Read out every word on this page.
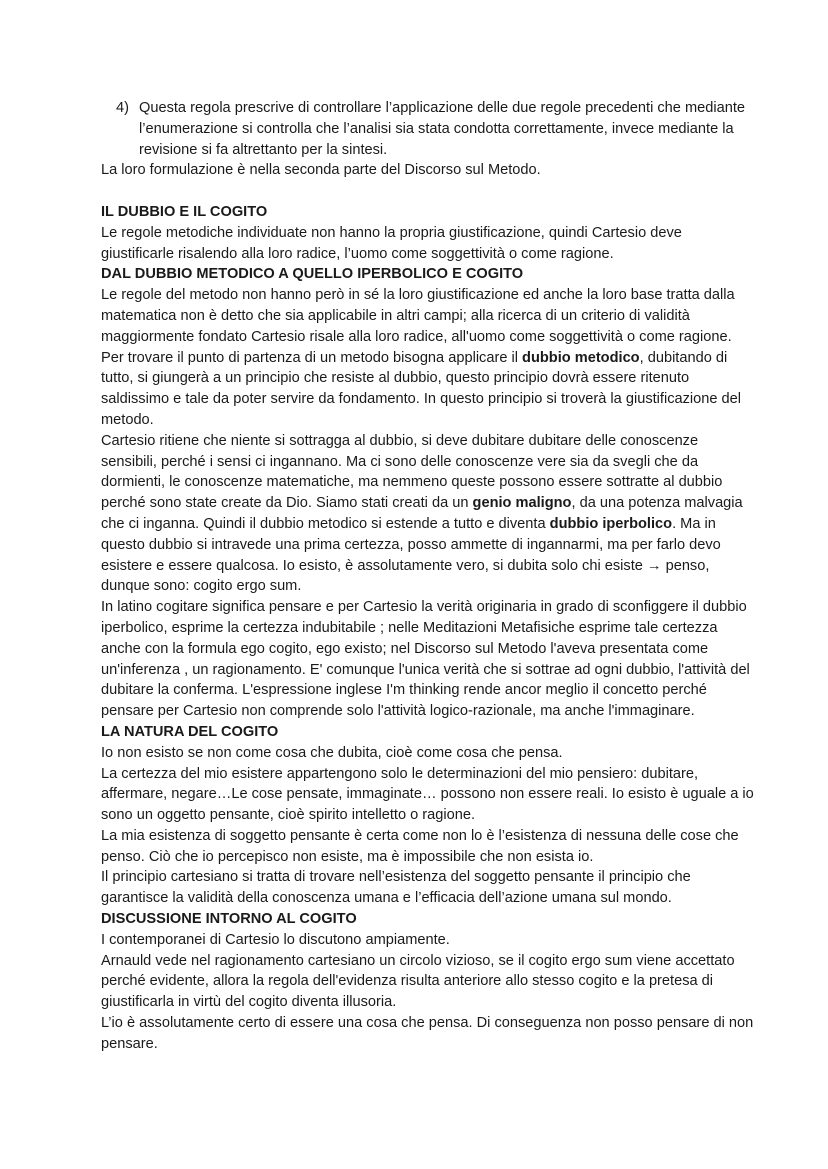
4) Questa regola prescrive di controllare l’applicazione delle due regole precedenti che mediante l’enumerazione si controlla che l’analisi sia stata condotta correttamente, invece mediante la revisione si fa altrettanto per la sintesi.

La loro formulazione è nella seconda parte del Discorso sul Metodo.

IL DUBBIO E IL COGITO

Le regole metodiche individuate non hanno la propria giustificazione, quindi Cartesio deve giustificarle risalendo alla loro radice, l’uomo come soggettività o come ragione.

DAL DUBBIO METODICO A QUELLO IPERBOLICO E COGITO

Le regole del metodo non hanno però in sé la loro giustificazione ed anche la loro base tratta dalla matematica non è detto che sia applicabile in altri campi; alla ricerca di un criterio di validità maggiormente fondato Cartesio risale alla loro radice, all'uomo come soggettività o come ragione. Per trovare il punto di partenza di un metodo bisogna applicare il dubbio metodico, dubitando di tutto, si giungerà a un principio che resiste al dubbio, questo principio dovrà essere ritenuto saldissimo e tale da poter servire da fondamento. In questo principio si troverà la giustificazione del metodo.

Cartesio ritiene che niente si sottragga al dubbio, si deve dubitare dubitare delle conoscenze sensibili, perché i sensi ci ingannano. Ma ci sono delle conoscenze vere sia da svegli che da dormienti, le conoscenze matematiche, ma nemmeno queste possono essere sottratte al dubbio perché sono state create da Dio. Siamo stati creati da un genio maligno, da una potenza malvagia che ci inganna. Quindi il dubbio metodico si estende a tutto e diventa dubbio iperbolico. Ma in questo dubbio si intravede una prima certezza, posso ammette di ingannarmi, ma per farlo devo esistere e essere qualcosa. Io esisto, è assolutamente vero, si dubita solo chi esiste → penso, dunque sono: cogito ergo sum.

In latino cogitare significa pensare e per Cartesio la verità originaria in grado di sconfiggere il dubbio iperbolico, esprime la certezza indubitabile ; nelle Meditazioni Metafisiche esprime tale certezza anche con la formula ego cogito, ego existo; nel Discorso sul Metodo l'aveva presentata come un'inferenza , un ragionamento. E' comunque l'unica verità che si sottrae ad ogni dubbio, l'attività del dubitare la conferma. L'espressione inglese I'm thinking rende ancor meglio il concetto perché pensare per Cartesio non comprende solo l'attività logico-razionale, ma anche l'immaginare.

LA NATURA DEL COGITO

Io non esisto se non come cosa che dubita, cioè come cosa che pensa.

La certezza del mio esistere appartengono solo le determinazioni del mio pensiero: dubitare, affermare, negare…Le cose pensate, immaginate… possono non essere reali. Io esisto è uguale a io sono un oggetto pensante, cioè spirito intelletto o ragione.

La mia esistenza di soggetto pensante è certa come non lo è l’esistenza di nessuna delle cose che penso. Ciò che io percepisco non esiste, ma è impossibile che non esista io.

Il principio cartesiano si tratta di trovare nell’esistenza del soggetto pensante il principio che garantisce la validità della conoscenza umana e l’efficacia dell’azione umana sul mondo.

DISCUSSIONE INTORNO AL COGITO

I contemporanei di Cartesio lo discutono ampiamente.

Arnauld vede nel ragionamento cartesiano un circolo vizioso, se il cogito ergo sum viene accettato perché evidente, allora la regola dell'evidenza risulta anteriore allo stesso cogito e la pretesa di giustificarla in virtù del cogito diventa illusoria.

L’io è assolutamente certo di essere una cosa che pensa. Di conseguenza non posso pensare di non pensare.
